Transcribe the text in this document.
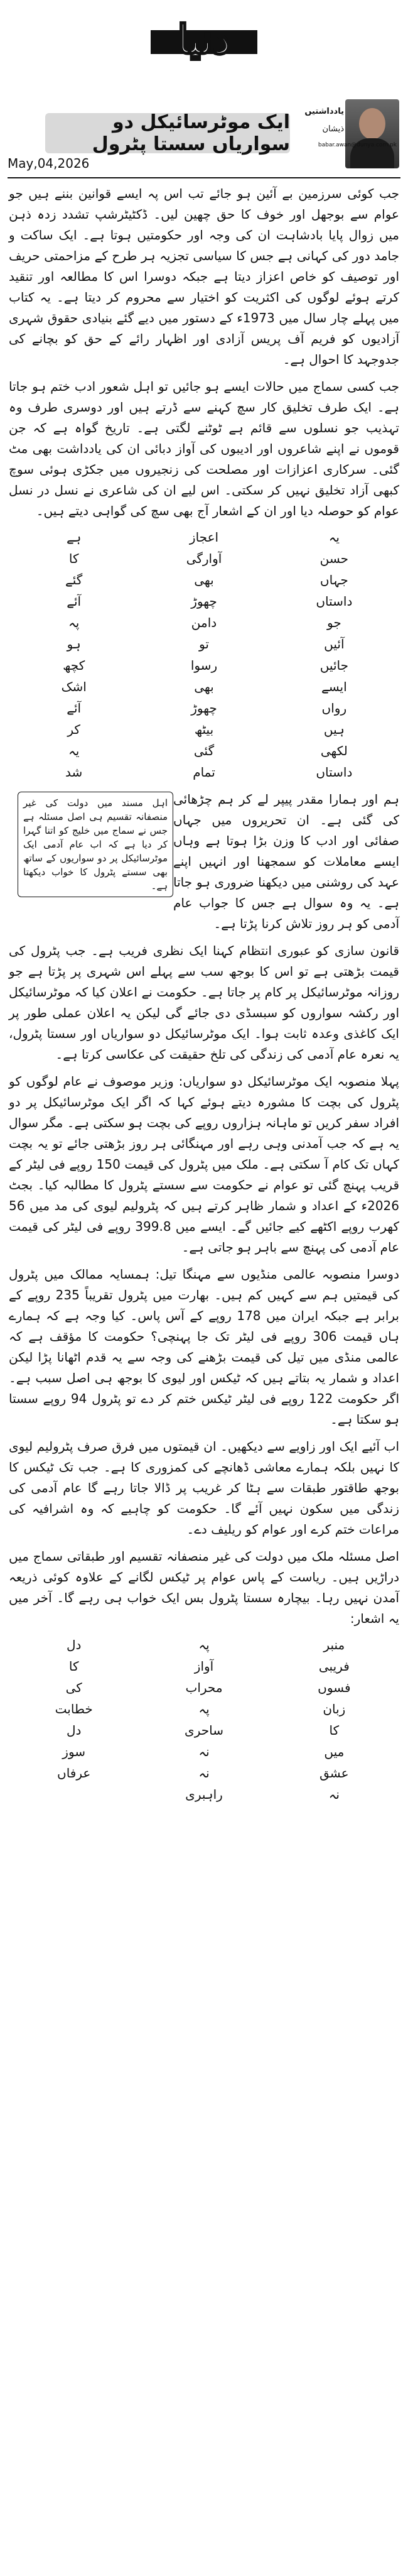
دنیا
ایک موٹرسائیکل دو سواریاں سستا پٹرول
May,04,2026
یادداشتیں
ذیشان
babar.awan@dunya.com.pk

جب کوئی سرزمین بے آئین ہو جائے تب اس پہ ایسے قوانین بننے ہیں جو عوام سے بوجھل اور خوف کا حق چھین لیں۔ ڈکٹیٹرشپ تشدد زدہ ذہن میں زوال پایا بادشاہت ان کی وجہ اور حکومتیں ہوتا ہے۔ ایک ساکت و جامد دور کی کہانی ہے جس کا سیاسی تجزیہ ہر طرح کے مزاحمتی حریف اور توصیف کو خاص اعزاز دیتا ہے جبکہ دوسرا اس کا مطالعہ اور تنقید کرتے ہوئے لوگوں کی اکثریت کو اختیار سے محروم کر دیتا ہے۔ یہ کتاب میں پہلے چار سال میں 1973ء کے دستور میں دیے گئے بنیادی حقوق شہری آزادیوں کو فریم آف پریس آزادی اور اظہار رائے کے حق کو بچانے کی جدوجہد کا احوال ہے۔

جب کسی سماج میں حالات ایسے ہو جائیں تو اہل شعور ادب ختم ہو جاتا ہے۔ ایک طرف تخلیق کار سچ کہنے سے ڈرتے ہیں اور دوسری طرف وہ تہذیب جو نسلوں سے قائم ہے ٹوٹنے لگتی ہے۔ تاریخ گواہ ہے کہ جن قوموں نے اپنے شاعروں اور ادیبوں کی آواز دبائی ان کی یادداشت بھی مٹ گئی۔ سرکاری اعزازات اور مصلحت کی زنجیروں میں جکڑی ہوئی سوچ کبھی آزاد تخلیق نہیں کر سکتی۔ اس لیے ان کی شاعری نے نسل در نسل عوام کو حوصلہ دیا اور ان کے اشعار آج بھی سچ کی گواہی دیتے ہیں۔

یہ
اعجاز
ہے
حسن
آوارگی
کا
جہاں
بھی
گئے
داستاں
چھوڑ
آئے
جو
دامن
پہ
آئیں
تو
ہو
جائیں
رسوا
کچھ
ایسے
بھی
اشک
رواں
چھوڑ
آئے
ہیں
بیٹھ
کر
لکھی
گئی
یہ
داستاں
تمام
شد
اہل مسند میں دولت کی غیر منصفانہ تقسیم ہی اصل مسئلہ ہے جس نے سماج میں خلیج کو اتنا گہرا کر دیا ہے کہ اب عام آدمی ایک موٹرسائیکل پر دو سواریوں کے ساتھ بھی سستے پٹرول کا خواب دیکھتا ہے۔

ہم اور ہمارا مقدر پیپر لے کر ہم چڑھائی کی گئی ہے۔ ان تحریروں میں جہاں صفائی اور ادب کا وزن بڑا ہوتا ہے وہاں ایسے معاملات کو سمجھنا اور انہیں اپنے عہد کی روشنی میں دیکھنا ضروری ہو جاتا ہے۔ یہ وہ سوال ہے جس کا جواب عام آدمی کو ہر روز تلاش کرنا پڑتا ہے۔

قانون سازی کو عبوری انتظام کہنا ایک نظری فریب ہے۔ جب پٹرول کی قیمت بڑھتی ہے تو اس کا بوجھ سب سے پہلے اس شہری پر پڑتا ہے جو روزانہ موٹرسائیکل پر کام پر جاتا ہے۔ حکومت نے اعلان کیا کہ موٹرسائیکل اور رکشہ سواروں کو سبسڈی دی جائے گی لیکن یہ اعلان عملی طور پر ایک کاغذی وعدہ ثابت ہوا۔ ایک موٹرسائیکل دو سواریاں اور سستا پٹرول، یہ نعرہ عام آدمی کی زندگی کی تلخ حقیقت کی عکاسی کرتا ہے۔

پہلا منصوبہ ایک موٹرسائیکل دو سواریاں: وزیر موصوف نے عام لوگوں کو پٹرول کی بچت کا مشورہ دیتے ہوئے کہا کہ اگر ایک موٹرسائیکل پر دو افراد سفر کریں تو ماہانہ ہزاروں روپے کی بچت ہو سکتی ہے۔ مگر سوال یہ ہے کہ جب آمدنی وہی رہے اور مہنگائی ہر روز بڑھتی جائے تو یہ بچت کہاں تک کام آ سکتی ہے۔ ملک میں پٹرول کی قیمت 150 روپے فی لیٹر کے قریب پہنچ گئی تو عوام نے حکومت سے سستے پٹرول کا مطالبہ کیا۔ بجٹ 2026ء کے اعداد و شمار ظاہر کرتے ہیں کہ پٹرولیم لیوی کی مد میں 56 کھرب روپے اکٹھے کیے جائیں گے۔ ایسے میں 399.8 روپے فی لیٹر کی قیمت عام آدمی کی پہنچ سے باہر ہو جاتی ہے۔

دوسرا منصوبہ عالمی منڈیوں سے مہنگا تیل: ہمسایہ ممالک میں پٹرول کی قیمتیں ہم سے کہیں کم ہیں۔ بھارت میں پٹرول تقریباً 235 روپے کے برابر ہے جبکہ ایران میں 178 روپے کے آس پاس۔ کیا وجہ ہے کہ ہمارے ہاں قیمت 306 روپے فی لیٹر تک جا پہنچی؟ حکومت کا مؤقف ہے کہ عالمی منڈی میں تیل کی قیمت بڑھنے کی وجہ سے یہ قدم اٹھانا پڑا لیکن اعداد و شمار یہ بتاتے ہیں کہ ٹیکس اور لیوی کا بوجھ ہی اصل سبب ہے۔ اگر حکومت 122 روپے فی لیٹر ٹیکس ختم کر دے تو پٹرول 94 روپے سستا ہو سکتا ہے۔

اب آئیے ایک اور زاویے سے دیکھیں۔ ان قیمتوں میں فرق صرف پٹرولیم لیوی کا نہیں بلکہ ہمارے معاشی ڈھانچے کی کمزوری کا ہے۔ جب تک ٹیکس کا بوجھ طاقتور طبقات سے ہٹا کر غریب پر ڈالا جاتا رہے گا عام آدمی کی زندگی میں سکون نہیں آئے گا۔ حکومت کو چاہیے کہ وہ اشرافیہ کی مراعات ختم کرے اور عوام کو ریلیف دے۔

اصل مسئلہ ملک میں دولت کی غیر منصفانہ تقسیم اور طبقاتی سماج میں دراڑیں ہیں۔ ریاست کے پاس عوام پر ٹیکس لگانے کے علاوہ کوئی ذریعہ آمدن نہیں رہا۔ بیچارہ سستا پٹرول بس ایک خواب ہی رہے گا۔ آخر میں یہ اشعار:

منبر
پہ
دل
فریبی
آواز
کا
فسوں
محراب
کی
زبان
پہ
خطابت
کا
ساحری
دل
میں
نہ
سوز
عشق
نہ
عرفاں
نہ
راہبری
